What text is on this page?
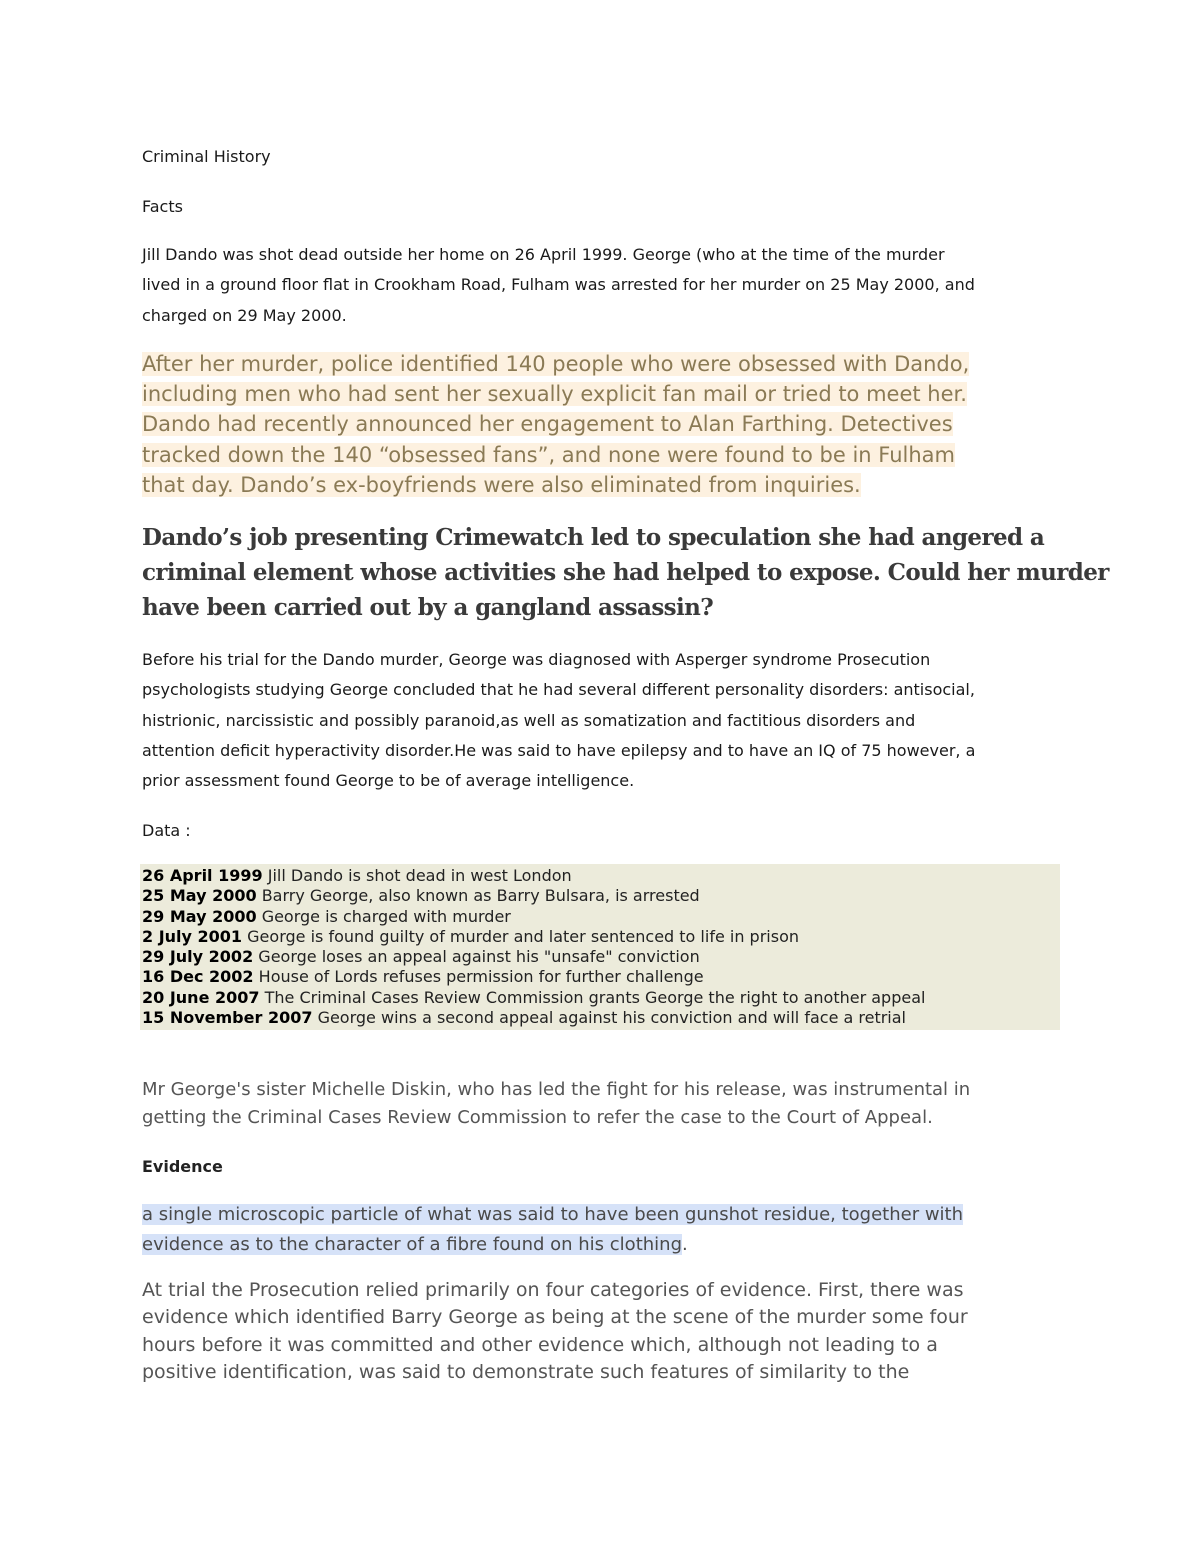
Criminal History
Facts
Jill Dando was shot dead outside her home on 26 April 1999. George (who at the time of the murder
lived in a ground floor flat in Crookham Road, Fulham was arrested for her murder on 25 May 2000, and
charged on 29 May 2000.
After her murder, police identified 140 people who were obsessed with Dando,
including men who had sent her sexually explicit fan mail or tried to meet her.
Dando had recently announced her engagement to Alan Farthing. Detectives
tracked down the 140 “obsessed fans”, and none were found to be in Fulham
that day. Dando’s ex-boyfriends were also eliminated from inquiries.
Dando’s job presenting Crimewatch led to speculation she had angered a
criminal element whose activities she had helped to expose. Could her murder
have been carried out by a gangland assassin?
Before his trial for the Dando murder, George was diagnosed with Asperger syndrome Prosecution
psychologists studying George concluded that he had several different personality disorders: antisocial,
histrionic, narcissistic and possibly paranoid,as well as somatization and factitious disorders and
attention deficit hyperactivity disorder.He was said to have epilepsy and to have an IQ of 75 however, a
prior assessment found George to be of average intelligence.
Data :
26 April 1999 Jill Dando is shot dead in west London
25 May 2000 Barry George, also known as Barry Bulsara, is arrested
29 May 2000 George is charged with murder
2 July 2001 George is found guilty of murder and later sentenced to life in prison
29 July 2002 George loses an appeal against his "unsafe" conviction
16 Dec 2002 House of Lords refuses permission for further challenge
20 June 2007 The Criminal Cases Review Commission grants George the right to another appeal
15 November 2007 George wins a second appeal against his conviction and will face a retrial
Mr George's sister Michelle Diskin, who has led the fight for his release, was instrumental in
getting the Criminal Cases Review Commission to refer the case to the Court of Appeal.
Evidence
a single microscopic particle of what was said to have been gunshot residue, together with
evidence as to the character of a fibre found on his clothing.
At trial the Prosecution relied primarily on four categories of evidence. First, there was
evidence which identified Barry George as being at the scene of the murder some four
hours before it was committed and other evidence which, although not leading to a
positive identification, was said to demonstrate such features of similarity to the
